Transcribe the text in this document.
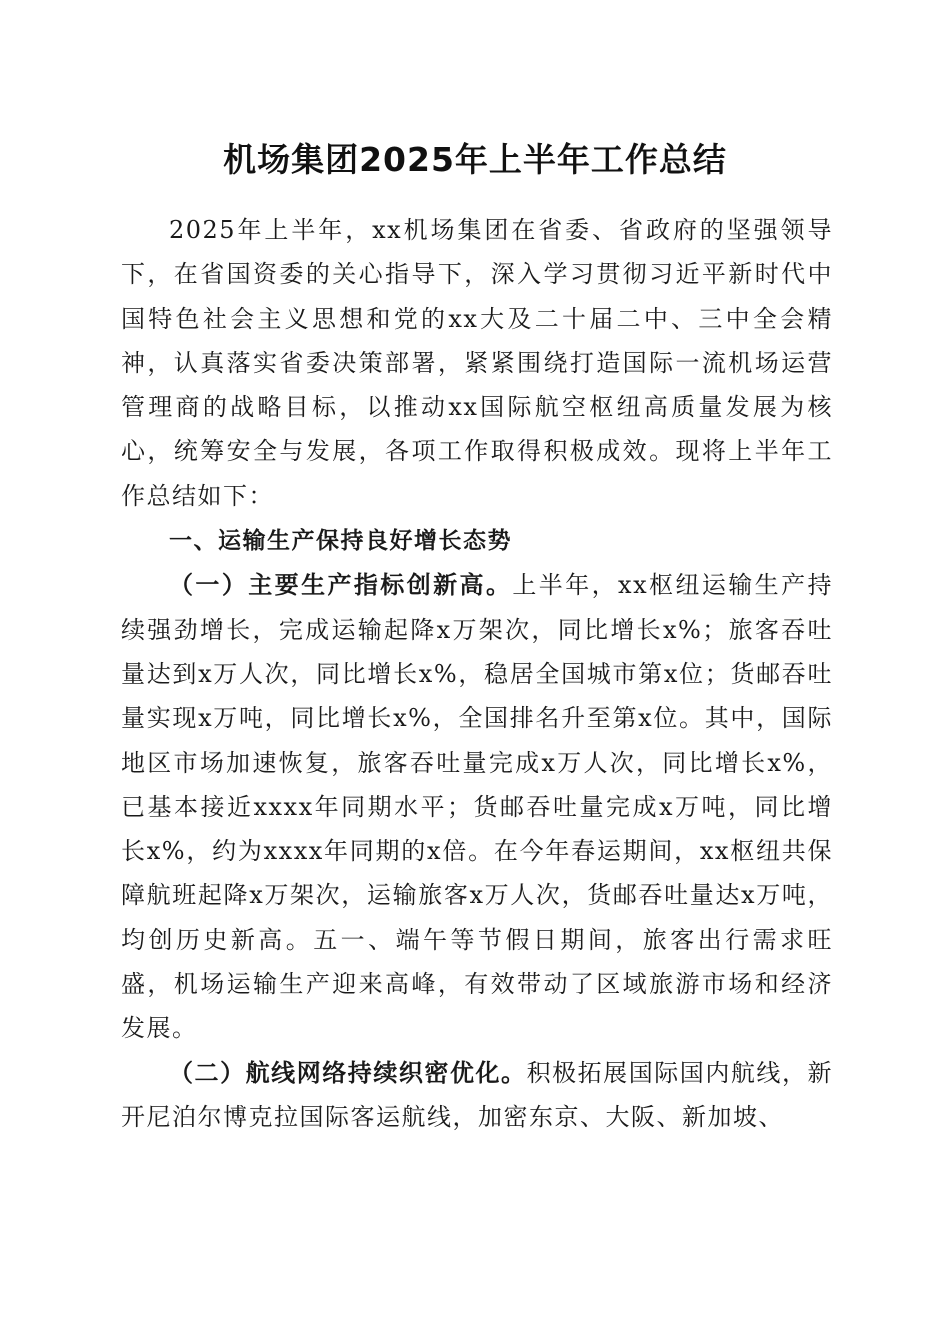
机场集团2025年上半年工作总结

2025年上半年，xx机场集团在省委、省政府的坚强领导下，在省国资委的关心指导下，深入学习贯彻习近平新时代中国特色社会主义思想和党的xx大及二十届二中、三中全会精神，认真落实省委决策部署，紧紧围绕打造国际一流机场运营管理商的战略目标，以推动xx国际航空枢纽高质量发展为核心，统筹安全与发展，各项工作取得积极成效。现将上半年工作总结如下：

一、运输生产保持良好增长态势

（一）主要生产指标创新高。上半年，xx枢纽运输生产持续强劲增长，完成运输起降x万架次，同比增长x%；旅客吞吐量达到x万人次，同比增长x%，稳居全国城市第x位；货邮吞吐量实现x万吨，同比增长x%，全国排名升至第x位。其中，国际地区市场加速恢复，旅客吞吐量完成x万人次，同比增长x%，已基本接近xxxx年同期水平；货邮吞吐量完成x万吨，同比增长x%，约为xxxx年同期的x倍。在今年春运期间，xx枢纽共保障航班起降x万架次，运输旅客x万人次，货邮吞吐量达x万吨，均创历史新高。五一、端午等节假日期间，旅客出行需求旺盛，机场运输生产迎来高峰，有效带动了区域旅游市场和经济发展。

（二）航线网络持续织密优化。积极拓展国际国内航线，新开尼泊尔博克拉国际客运航线，加密东京、大阪、新加坡、
